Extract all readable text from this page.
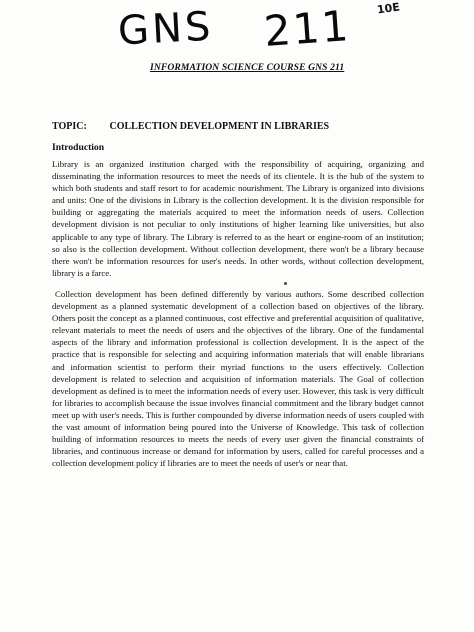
GNS 211 10E
INFORMATION SCIENCE COURSE GNS 211
TOPIC: COLLECTION DEVELOPMENT IN LIBRARIES
Introduction

Library is an organized institution charged with the responsibility of acquiring, organizing and disseminating the information resources to meet the needs of its clientele. It is the hub of the system to which both students and staff resort to for academic nourishment. The Library is organized into divisions and units: One of the divisions in Library is the collection development. It is the division responsible for building or aggregating the materials acquired to meet the information needs of users. Collection development division is not peculiar to only institutions of higher learning like universities, but also applicable to any type of library. The Library is referred to as the heart or engine-room of an institution; so also is the collection development. Without collection development, there won't be a library because there won't be information resources for user's needs. In other words, without collection development, library is a farce.

Collection development has been defined differently by various authors. Some described collection development as a planned systematic development of a collection based on objectives of the library. Others posit the concept as a planned continuous, cost effective and preferential acquisition of qualitative, relevant materials to meet the needs of users and the objectives of the library. One of the fundamental aspects of the library and information professional is collection development. It is the aspect of the practice that is responsible for selecting and acquiring information materials that will enable librarians and information scientist to perform their myriad functions to the users effectively. Collection development is related to selection and acquisition of information materials. The Goal of collection development as defined is to meet the information needs of every user. However, this task is very difficult for libraries to accomplish because the issue involves financial commitment and the library budget cannot meet up with user's needs. This is further compounded by diverse information needs of users coupled with the vast amount of information being poured into the Universe of Knowledge. This task of collection building of information resources to meets the needs of every user given the financial constraints of libraries, and continuous increase or demand for information by users, called for careful processes and a collection development policy if libraries are to meet the needs of user's or near that.
